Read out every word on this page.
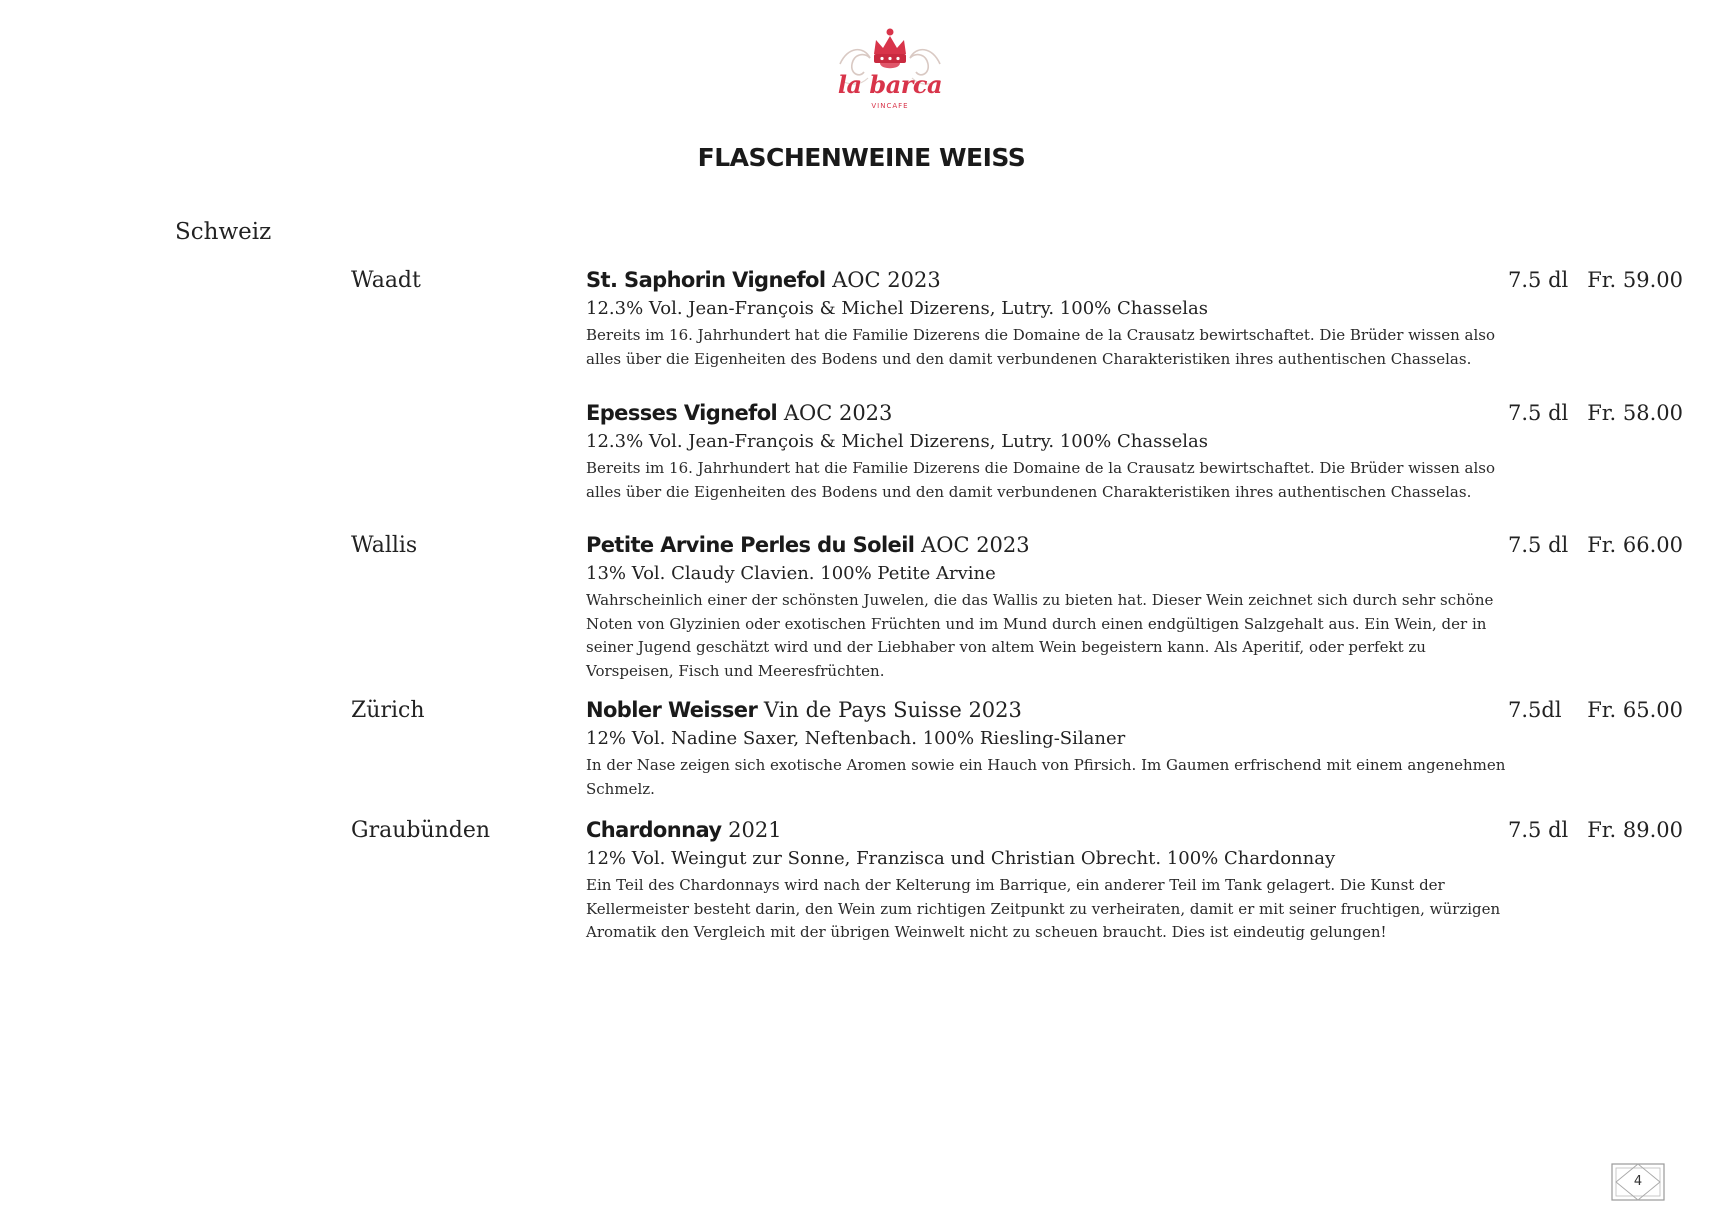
la barca
VINCAFE
FLASCHENWEINE WEISS
Schweiz
Waadt	St. Saphorin Vignefol AOC 2023	7.5 dl Fr. 59.00
12.3% Vol. Jean-François & Michel Dizerens, Lutry. 100% Chasselas
Bereits im 16. Jahrhundert hat die Familie Dizerens die Domaine de la Crausatz bewirtschaftet. Die Brüder wissen also alles über die Eigenheiten des Bodens und den damit verbundenen Charakteristiken ihres authentischen Chasselas.
Epesses Vignefol AOC 2023	7.5 dl Fr. 58.00
12.3% Vol. Jean-François & Michel Dizerens, Lutry. 100% Chasselas
Bereits im 16. Jahrhundert hat die Familie Dizerens die Domaine de la Crausatz bewirtschaftet. Die Brüder wissen also alles über die Eigenheiten des Bodens und den damit verbundenen Charakteristiken ihres authentischen Chasselas.
Wallis	Petite Arvine Perles du Soleil AOC 2023	7.5 dl Fr. 66.00
13% Vol. Claudy Clavien. 100% Petite Arvine
Wahrscheinlich einer der schönsten Juwelen, die das Wallis zu bieten hat. Dieser Wein zeichnet sich durch sehr schöne Noten von Glyzinien oder exotischen Früchten und im Mund durch einen endgültigen Salzgehalt aus. Ein Wein, der in seiner Jugend geschätzt wird und der Liebhaber von altem Wein begeistern kann. Als Aperitif, oder perfekt zu Vorspeisen, Fisch und Meeresfrüchten.
Zürich	Nobler Weisser Vin de Pays Suisse 2023	7.5dl Fr. 65.00
12% Vol. Nadine Saxer, Neftenbach. 100% Riesling-Silaner
In der Nase zeigen sich exotische Aromen sowie ein Hauch von Pfirsich. Im Gaumen erfrischend mit einem angenehmen Schmelz.
Graubünden	Chardonnay 2021	7.5 dl Fr. 89.00
12% Vol. Weingut zur Sonne, Franzisca und Christian Obrecht. 100% Chardonnay
Ein Teil des Chardonnays wird nach der Kelterung im Barrique, ein anderer Teil im Tank gelagert. Die Kunst der Kellermeister besteht darin, den Wein zum richtigen Zeitpunkt zu verheiraten, damit er mit seiner fruchtigen, würzigen Aromatik den Vergleich mit der übrigen Weinwelt nicht zu scheuen braucht. Dies ist eindeutig gelungen!
4
